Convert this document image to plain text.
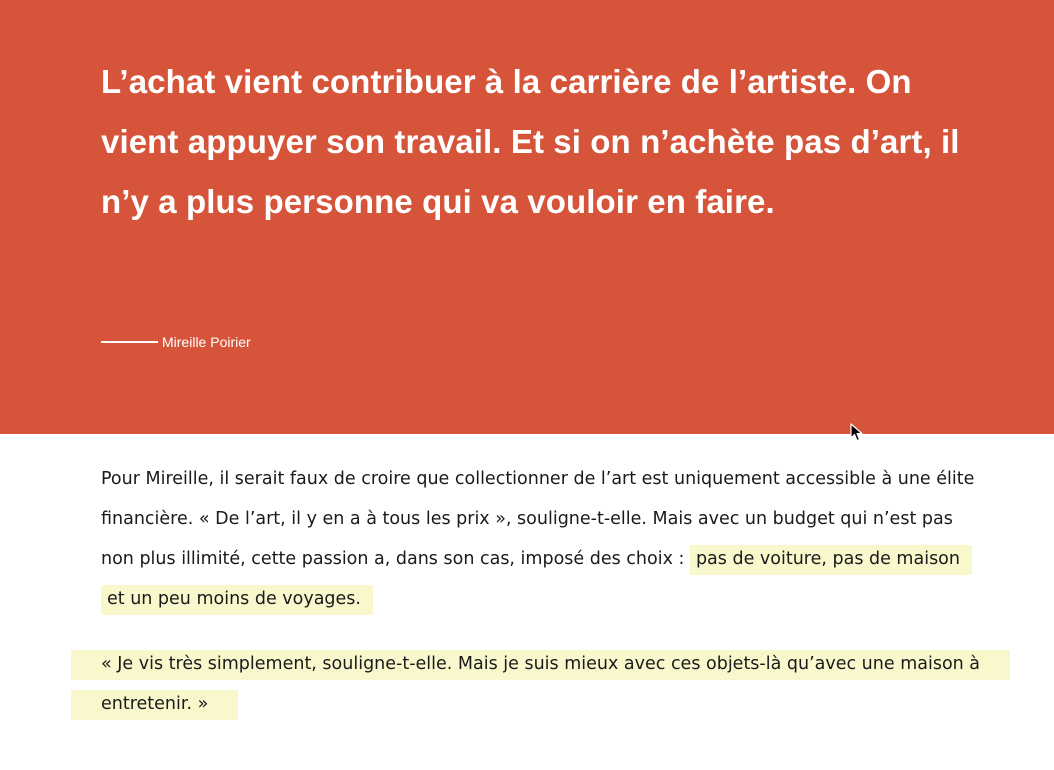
L’achat vient contribuer à la carrière de l’artiste. On vient appuyer son travail. Et si on n’achète pas d’art, il n’y a plus personne qui va vouloir en faire.

Mireille Poirier

Pour Mireille, il serait faux de croire que collectionner de l’art est uniquement accessible à une élite financière. « De l’art, il y en a à tous les prix », souligne-t-elle. Mais avec un budget qui n’est pas non plus illimité, cette passion a, dans son cas, imposé des choix : pas de voiture, pas de maison et un peu moins de voyages.

« Je vis très simplement, souligne-t-elle. Mais je suis mieux avec ces objets-là qu’avec une maison à entretenir. »
